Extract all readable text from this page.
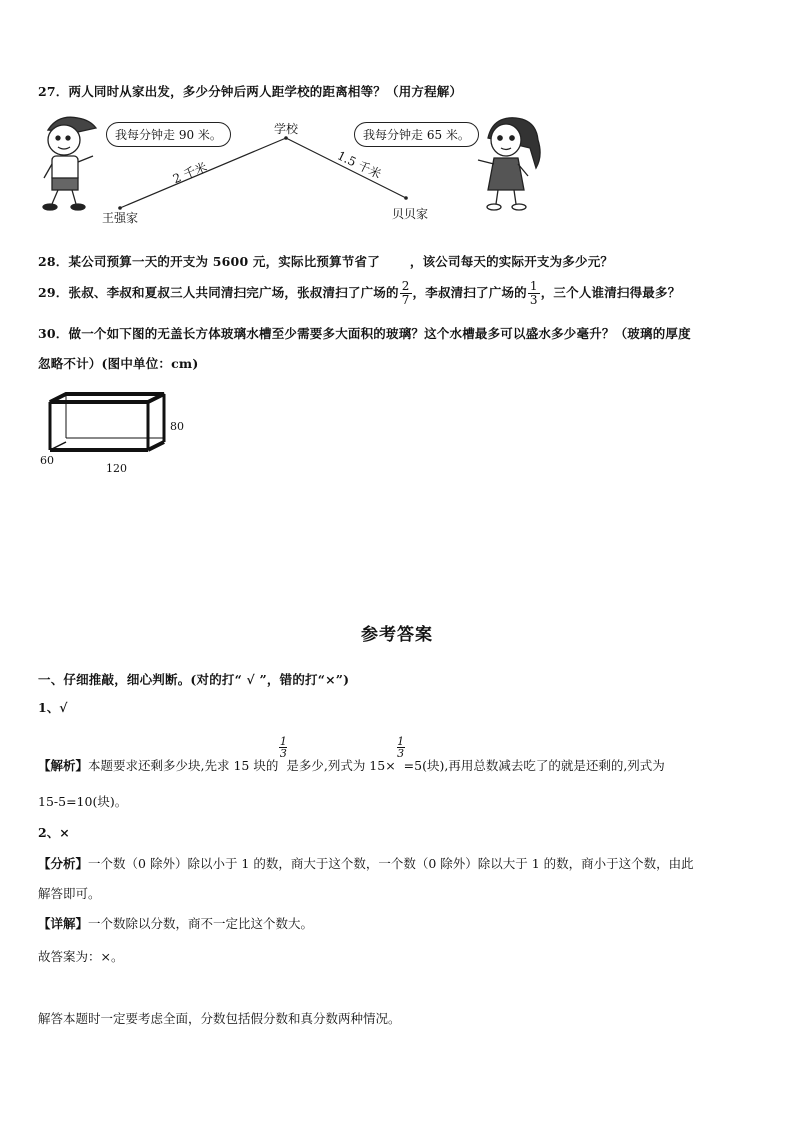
27．两人同时从家出发，多少分钟后两人距学校的距离相等？（用方程解）
我每分钟走 90 米。	我每分钟走 65 米。
学校
王强家	贝贝家
2 千米	1.5 千米
28．某公司预算一天的开支为 5600 元，实际比预算节省了 ，该公司每天的实际开支为多少元？
29．张叔、李叔和夏叔三人共同清扫完广场，张叔清扫了广场的 $\frac{2}{7}$ ，李叔清扫了广场的 $\frac{1}{3}$ ，三个人谁清扫得最多？
30．做一个如下图的无盖长方体玻璃水槽至少需要多大面积的玻璃？这个水槽最多可以盛水多少毫升？（玻璃的厚度
忽略不计）(图中单位：cm)
80
60
120
参考答案
一、仔细推敲，细心判断。(对的打“ √ ”，错的打“×”)
1、√
【解析】本题要求还剩多少块,先求 15 块的
1
3
是多少,列式为 15×
1
3
=5(块),再用总数减去吃了的就是还剩的,列式为
15-5=10(块)。
2、×
【分析】一个数（0 除外）除以小于 1 的数，商大于这个数，一个数（0 除外）除以大于 1 的数，商小于这个数，由此
解答即可。
【详解】一个数除以分数，商不一定比这个数大。
故答案为：×。
解答本题时一定要考虑全面，分数包括假分数和真分数两种情况。
